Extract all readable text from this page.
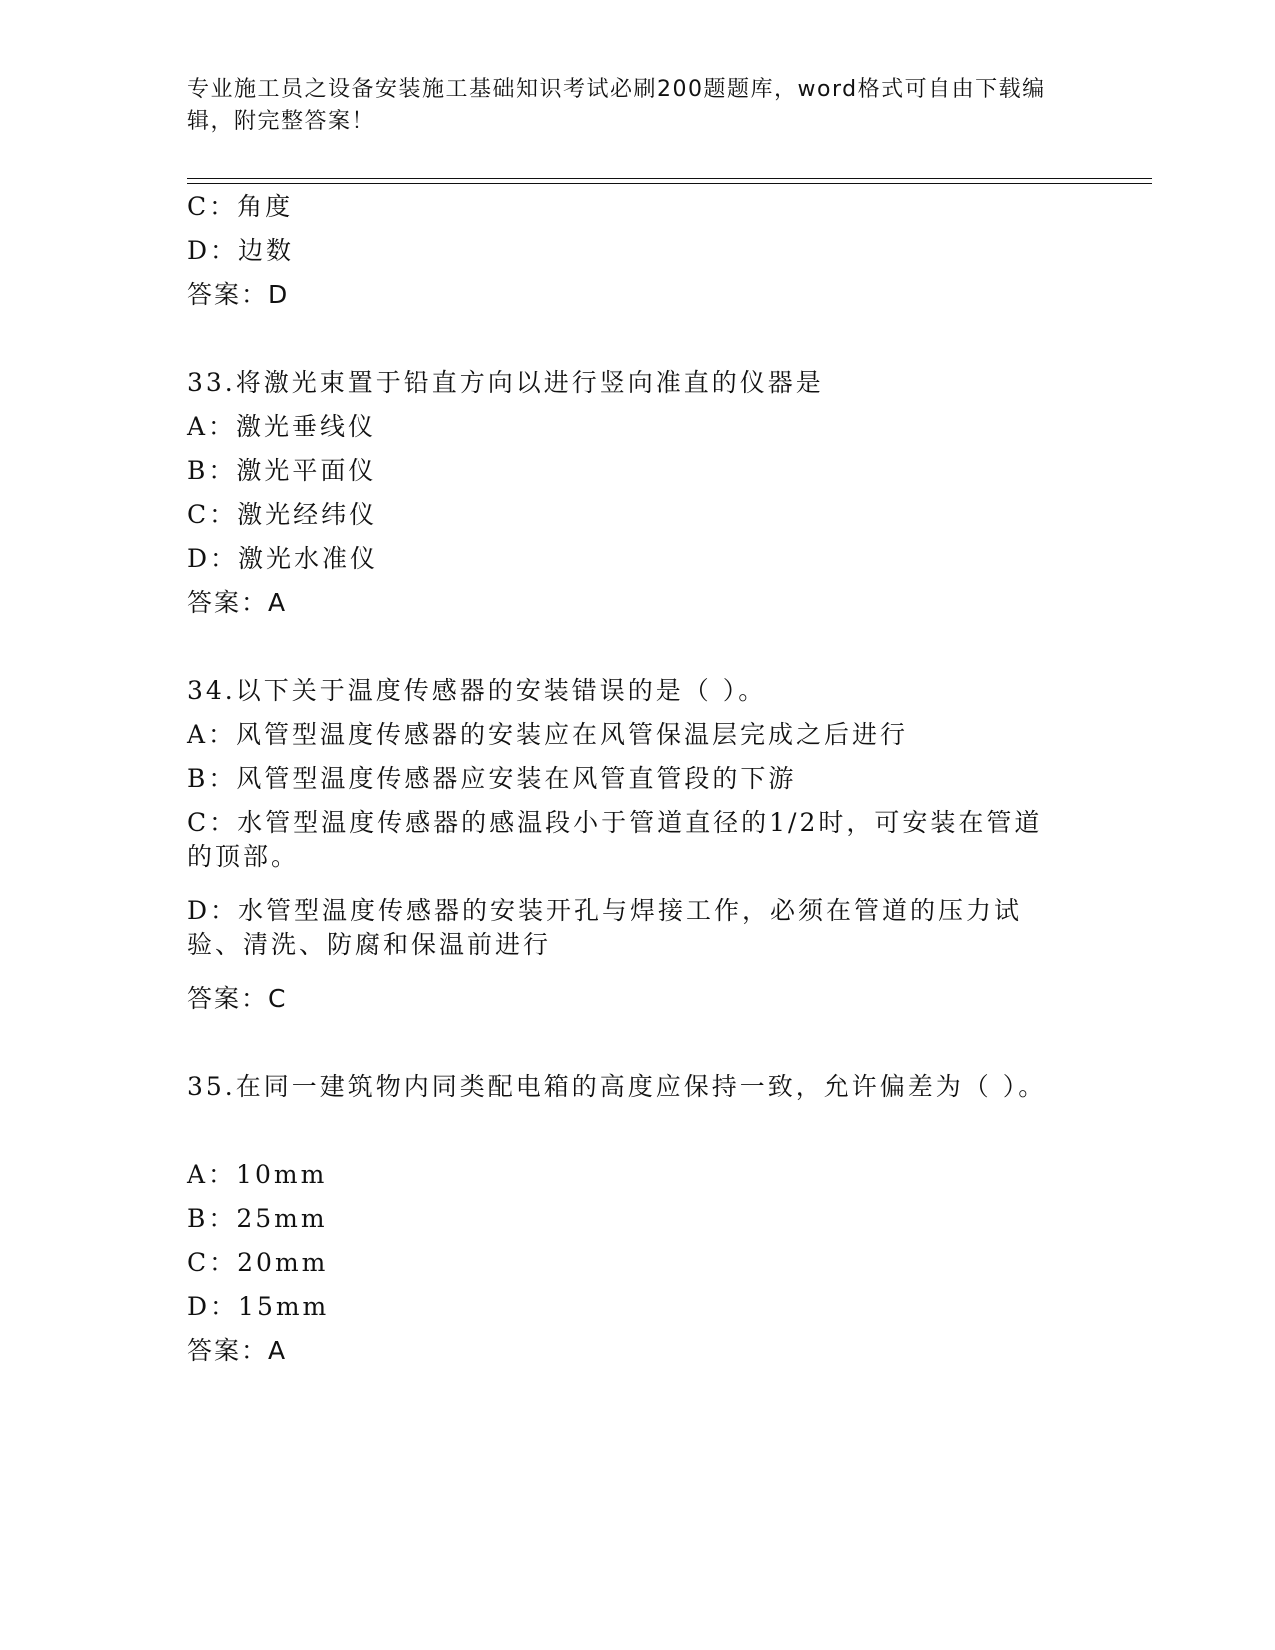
专业施工员之设备安装施工基础知识考试必刷200题题库，word格式可自由下载编辑，附完整答案！
C：角度
D：边数
答案：D
33.将激光束置于铅直方向以进行竖向准直的仪器是
A：激光垂线仪
B：激光平面仪
C：激光经纬仪
D：激光水准仪
答案：A
34.以下关于温度传感器的安装错误的是（ ）。
A：风管型温度传感器的安装应在风管保温层完成之后进行
B：风管型温度传感器应安装在风管直管段的下游
C：水管型温度传感器的感温段小于管道直径的1/2时，可安装在管道的顶部。
D：水管型温度传感器的安装开孔与焊接工作，必须在管道的压力试验、清洗、防腐和保温前进行
答案：C
35.在同一建筑物内同类配电箱的高度应保持一致，允许偏差为（ ）。
A：10mm
B：25mm
C：20mm
D：15mm
答案：A
